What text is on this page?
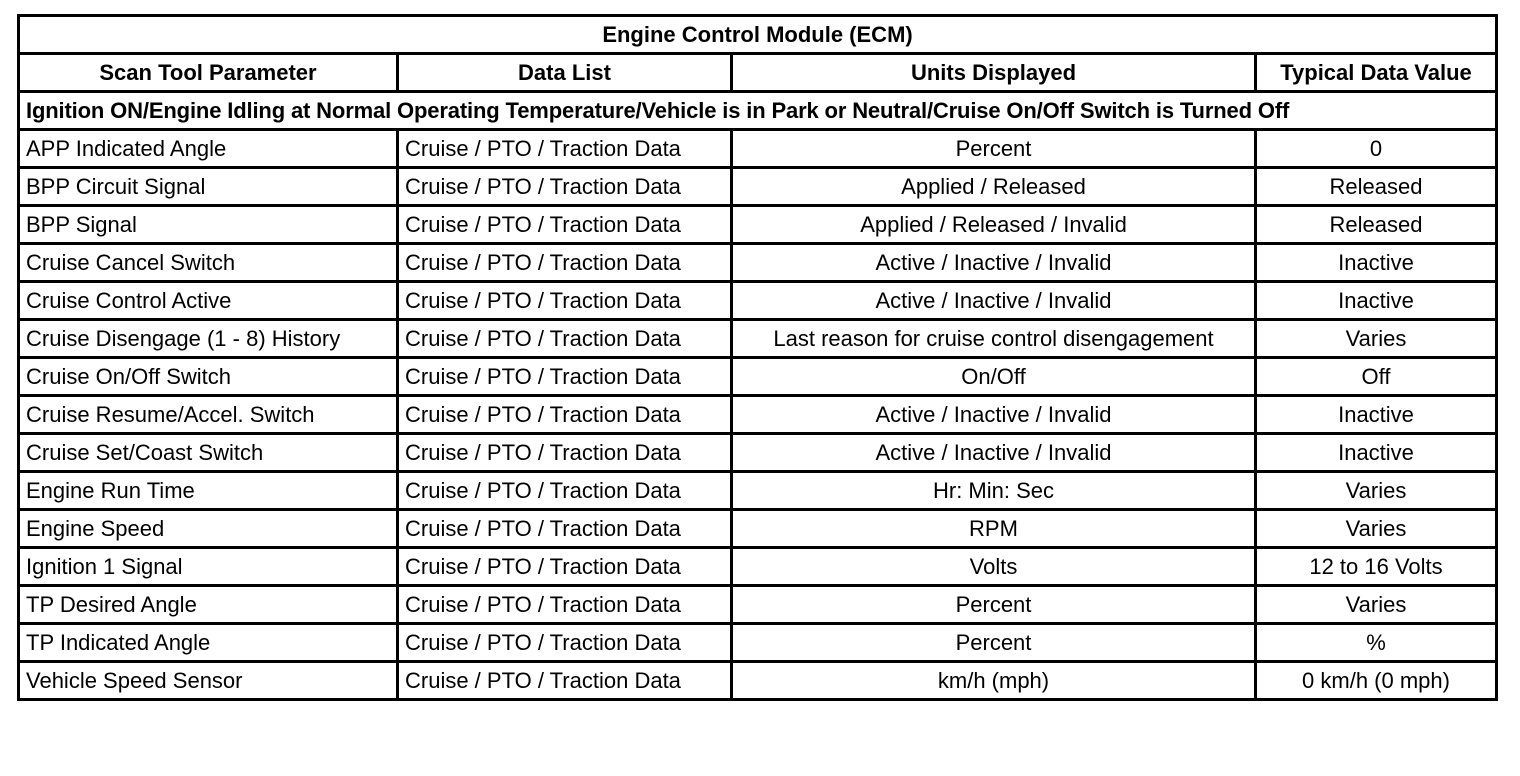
Engine Control Module (ECM)			
Scan Tool Parameter	Data List	Units Displayed	Typical Data Value
Ignition ON/Engine Idling at Normal Operating Temperature/Vehicle is in Park or Neutral/Cruise On/Off Switch is Turned Off			
APP Indicated Angle	Cruise / PTO / Traction Data	Percent	0
BPP Circuit Signal	Cruise / PTO / Traction Data	Applied / Released	Released
BPP Signal	Cruise / PTO / Traction Data	Applied / Released / Invalid	Released
Cruise Cancel Switch	Cruise / PTO / Traction Data	Active / Inactive / Invalid	Inactive
Cruise Control Active	Cruise / PTO / Traction Data	Active / Inactive / Invalid	Inactive
Cruise Disengage (1 - 8) History	Cruise / PTO / Traction Data	Last reason for cruise control disengagement	Varies
Cruise On/Off Switch	Cruise / PTO / Traction Data	On/Off	Off
Cruise Resume/Accel. Switch	Cruise / PTO / Traction Data	Active / Inactive / Invalid	Inactive
Cruise Set/Coast Switch	Cruise / PTO / Traction Data	Active / Inactive / Invalid	Inactive
Engine Run Time	Cruise / PTO / Traction Data	Hr: Min: Sec	Varies
Engine Speed	Cruise / PTO / Traction Data	RPM	Varies
Ignition 1 Signal	Cruise / PTO / Traction Data	Volts	12 to 16 Volts
TP Desired Angle	Cruise / PTO / Traction Data	Percent	Varies
TP Indicated Angle	Cruise / PTO / Traction Data	Percent	%
Vehicle Speed Sensor	Cruise / PTO / Traction Data	km/h (mph)	0 km/h (0 mph)
